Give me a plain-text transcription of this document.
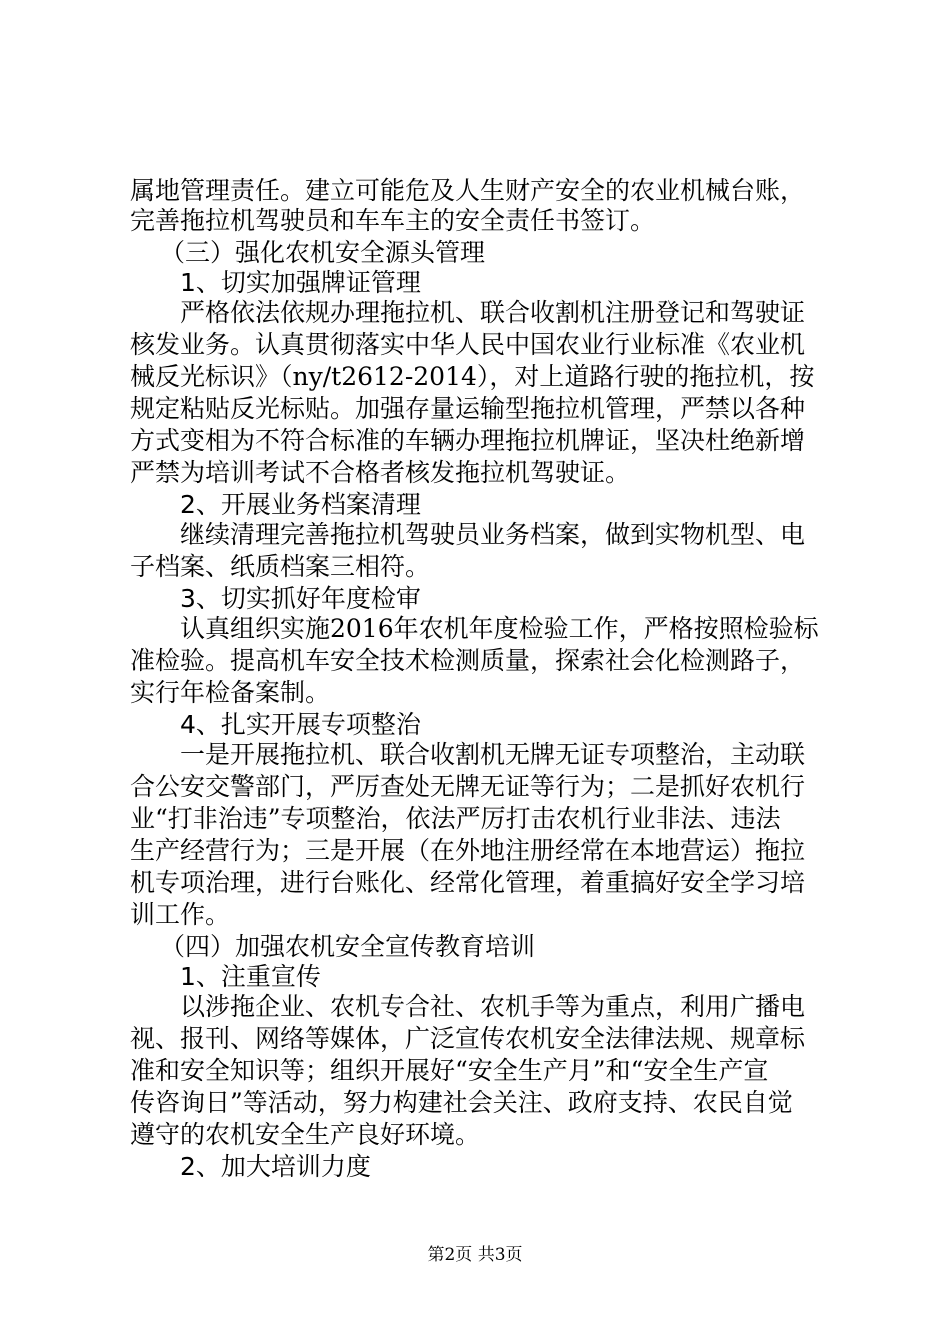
属地管理责任。建立可能危及人生财产安全的农业机械台账，
完善拖拉机驾驶员和车车主的安全责任书签订。
（三）强化农机安全源头管理
1、切实加强牌证管理
严格依法依规办理拖拉机、联合收割机注册登记和驾驶证
核发业务。认真贯彻落实中华人民中国农业行业标准《农业机
械反光标识》（ny/t2612-2014），对上道路行驶的拖拉机，按
规定粘贴反光标贴。加强存量运输型拖拉机管理，严禁以各种
方式变相为不符合标准的车辆办理拖拉机牌证，坚决杜绝新增
严禁为培训考试不合格者核发拖拉机驾驶证。
2、开展业务档案清理
继续清理完善拖拉机驾驶员业务档案，做到实物机型、电
子档案、纸质档案三相符。
3、切实抓好年度检审
认真组织实施2016年农机年度检验工作，严格按照检验标
准检验。提高机车安全技术检测质量，探索社会化检测路子，
实行年检备案制。
4、扎实开展专项整治
一是开展拖拉机、联合收割机无牌无证专项整治，主动联
合公安交警部门，严厉查处无牌无证等行为；二是抓好农机行
业“打非治违”专项整治，依法严厉打击农机行业非法、违法
生产经营行为；三是开展（在外地注册经常在本地营运）拖拉
机专项治理，进行台账化、经常化管理，着重搞好安全学习培
训工作。
（四）加强农机安全宣传教育培训
1、注重宣传
以涉拖企业、农机专合社、农机手等为重点，利用广播电
视、报刊、网络等媒体，广泛宣传农机安全法律法规、规章标
准和安全知识等；组织开展好“安全生产月”和“安全生产宣
传咨询日”等活动，努力构建社会关注、政府支持、农民自觉
遵守的农机安全生产良好环境。
2、加大培训力度
第2页 共3页
